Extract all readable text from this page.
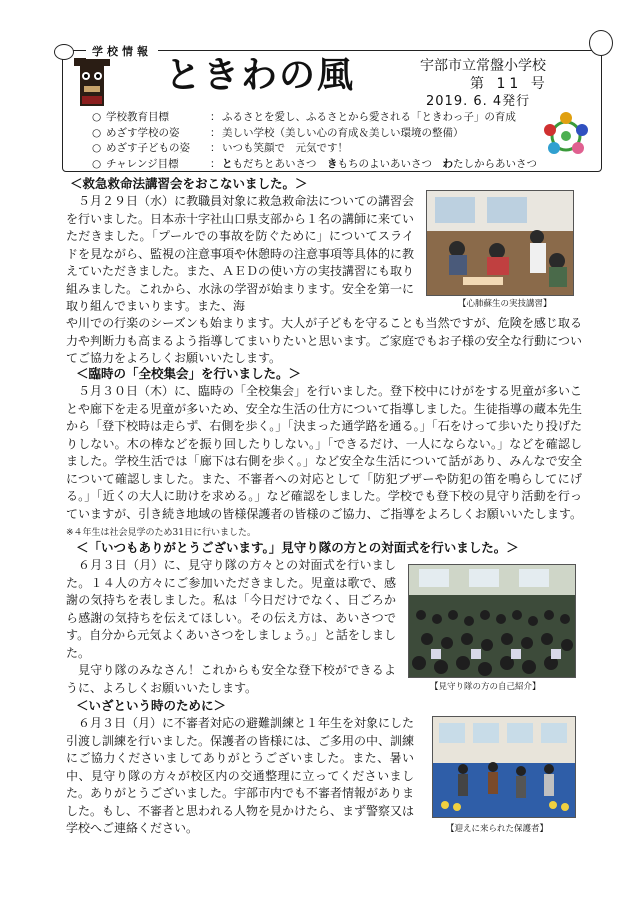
学校情報
ときわの風	宇部市立常盤小学校
第 11 号
2019. 6. 4発行
○ 学校教育目標	： ふるさとを愛し、ふるさとから愛される「ときわっ子」の育成
○ めざす学校の姿	： 美しい学校（美しい心の育成＆美しい環境の整備）
○ めざす子どもの姿	： いつも笑顔で　元気です！
○ チャレンジ目標	： ともだちとあいさつ　きもちのよいあいさつ　わたしからあいさつ
＜救急救命法講習会をおこないました。＞

５月２９日（水）に教職員対象に救急救命法についての講習会を行いました。日本赤十字社山口県支部から１名の講師に来ていただきました。「プールでの事故を防ぐために」についてスライドを見ながら、監視の注意事項や休憩時の注意事項等具体的に教えていただきました。また、ＡＥＤの使い方の実技講習にも取り組みました。これから、水泳の学習が始まります。安全を第一に取り組んでまいります。また、海

や川での行楽のシーズンも始まります。大人が子どもを守ることも当然ですが、危険を感じ取る力や判断力も高まるよう指導してまいりたいと思います。ご家庭でもお子様の安全な行動についてご協力をよろしくお願いいたします。

【心肺蘇生の実技講習】
＜臨時の「全校集会」を行いました。＞

５月３０日（木）に、臨時の「全校集会」を行いました。登下校中にけがをする児童が多いことや廊下を走る児童が多いため、安全な生活の仕方について指導しました。生徒指導の蔵本先生から「登下校時は走らず、右側を歩く。」「決まった通学路を通る。」「石をけって歩いたり投げたりしない。木の棒などを振り回したりしない。」「できるだけ、一人にならない。」などを確認しました。学校生活では「廊下は右側を歩く。」など安全な生活について話があり、みんなで安全について確認しました。また、不審者への対応として「防犯ブザーや防犯の笛を鳴らしてにげる。」「近くの大人に助けを求める。」など確認をしました。学校でも登下校の見守り活動を行っていますが、引き続き地域の皆様保護者の皆様のご協力、ご指導をよろしくお願いいたします。※４年生は社会見学のため31日に行いました。

＜「いつもありがとうございます。」見守り隊の方との対面式を行いました。＞

６月３日（月）に、見守り隊の方々との対面式を行いました。１４人の方々にご参加いただきました。児童は歌で、感謝の気持ちを表しました。私は「今日だけでなく、日ごろから感謝の気持ちを伝えてほしい。その伝え方は、あいさつです。自分から元気よくあいさつをしましょう。」と話をしました。

見守り隊のみなさん！これからも安全な登下校ができるように、よろしくお願いいたします。	【見守り隊の方の自己紹介】
＜いざという時のために＞

６月３日（月）に不審者対応の避難訓練と１年生を対象にした引渡し訓練を行いました。保護者の皆様には、ご多用の中、訓練にご協力くださいましてありがとうございました。また、暑い中、見守り隊の方々が校区内の交通整理に立ってくださいました。ありがとうございました。宇部市内でも不審者情報がありました。もし、不審者と思われる人物を見かけたら、まず警察又は学校へご連絡ください。	【迎えに来られた保護者】
